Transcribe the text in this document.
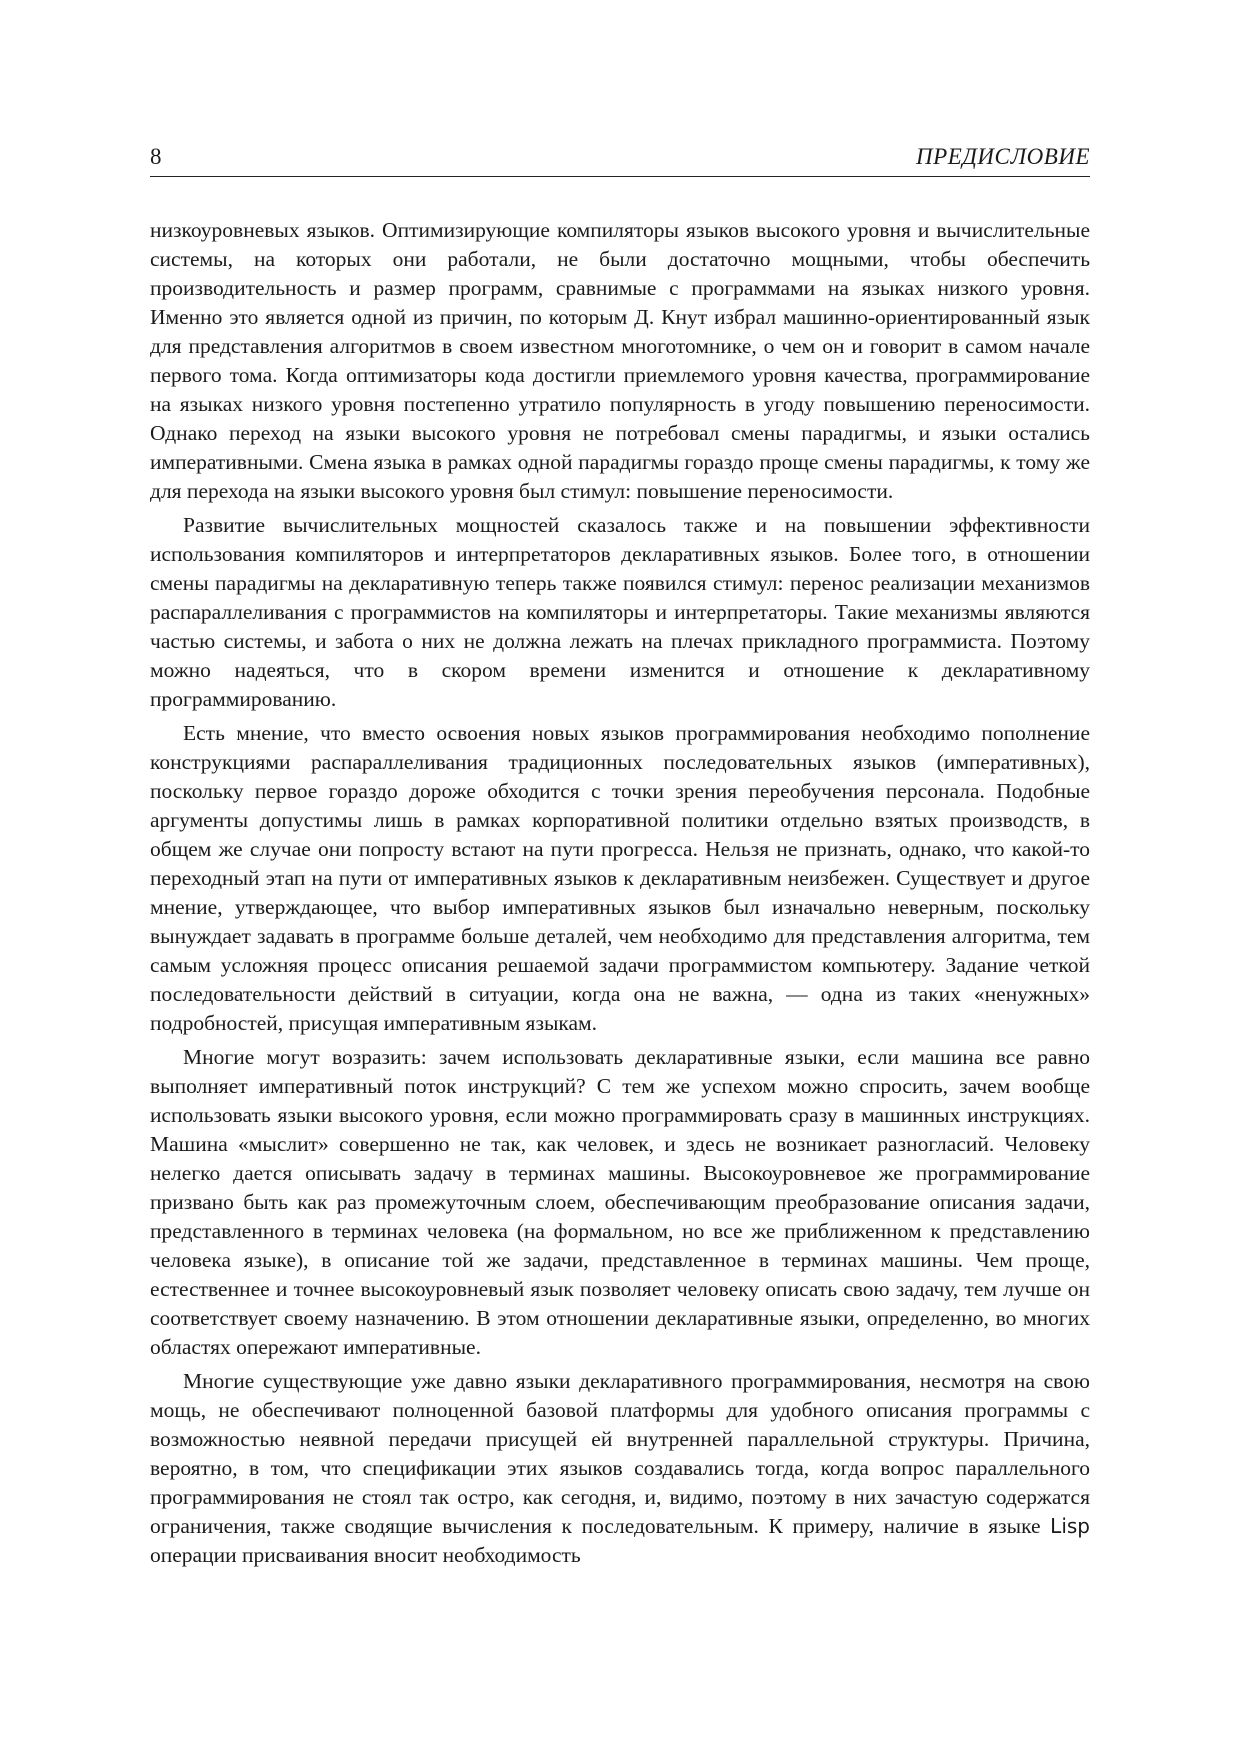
8	ПРЕДИСЛОВИЕ

низкоуровневых языков. Оптимизирующие компиляторы языков высокого уровня и вычислительные системы, на которых они работали, не были достаточно мощными, чтобы обеспечить производительность и размер программ, сравнимые с программами на языках низкого уровня. Именно это является одной из причин, по которым Д. Кнут избрал машинно-ориентированный язык для представления алгоритмов в своем известном многотомнике, о чем он и говорит в самом начале первого тома. Когда оптимизаторы кода достигли приемлемого уровня качества, программирование на языках низкого уровня постепенно утратило популярность в угоду повышению переносимости. Однако переход на языки высокого уровня не потребовал смены парадигмы, и языки остались императивными. Смена языка в рамках одной парадигмы гораздо проще смены парадигмы, к тому же для перехода на языки высокого уровня был стимул: повышение переносимости.

Развитие вычислительных мощностей сказалось также и на повышении эффективности использования компиляторов и интерпретаторов декларативных языков. Более того, в отношении смены парадигмы на декларативную теперь также появился стимул: перенос реализации механизмов распараллеливания с программистов на компиляторы и интерпретаторы. Такие механизмы являются частью системы, и забота о них не должна лежать на плечах прикладного программиста. Поэтому можно надеяться, что в скором времени изменится и отношение к декларативному программированию.

Есть мнение, что вместо освоения новых языков программирования необходимо пополнение конструкциями распараллеливания традиционных последовательных языков (императивных), поскольку первое гораздо дороже обходится с точки зрения переобучения персонала. Подобные аргументы допустимы лишь в рамках корпоративной политики отдельно взятых производств, в общем же случае они попросту встают на пути прогресса. Нельзя не признать, однако, что какой-то переходный этап на пути от императивных языков к декларативным неизбежен. Существует и другое мнение, утверждающее, что выбор императивных языков был изначально неверным, поскольку вынуждает задавать в программе больше деталей, чем необходимо для представления алгоритма, тем самым усложняя процесс описания решаемой задачи программистом компьютеру. Задание четкой последовательности действий в ситуации, когда она не важна, — одна из таких «ненужных» подробностей, присущая императивным языкам.

Многие могут возразить: зачем использовать декларативные языки, если машина все равно выполняет императивный поток инструкций? С тем же успехом можно спросить, зачем вообще использовать языки высокого уровня, если можно программировать сразу в машинных инструкциях. Машина «мыслит» совершенно не так, как человек, и здесь не возникает разногласий. Человеку нелегко дается описывать задачу в терминах машины. Высокоуровневое же программирование призвано быть как раз промежуточным слоем, обеспечивающим преобразование описания задачи, представленного в терминах человека (на формальном, но все же приближенном к представлению человека языке), в описание той же задачи, представленное в терминах машины. Чем проще, естественнее и точнее высокоуровневый язык позволяет человеку описать свою задачу, тем лучше он соответствует своему назначению. В этом отношении декларативные языки, определенно, во многих областях опережают императивные.

Многие существующие уже давно языки декларативного программирования, несмотря на свою мощь, не обеспечивают полноценной базовой платформы для удобного описания программы с возможностью неявной передачи присущей ей внутренней параллельной структуры. Причина, вероятно, в том, что спецификации этих языков создавались тогда, когда вопрос параллельного программирования не стоял так остро, как сегодня, и, видимо, поэтому в них зачастую содержатся ограничения, также сводящие вычисления к последовательным. К примеру, наличие в языке Lisp операции присваивания вносит необходимость
